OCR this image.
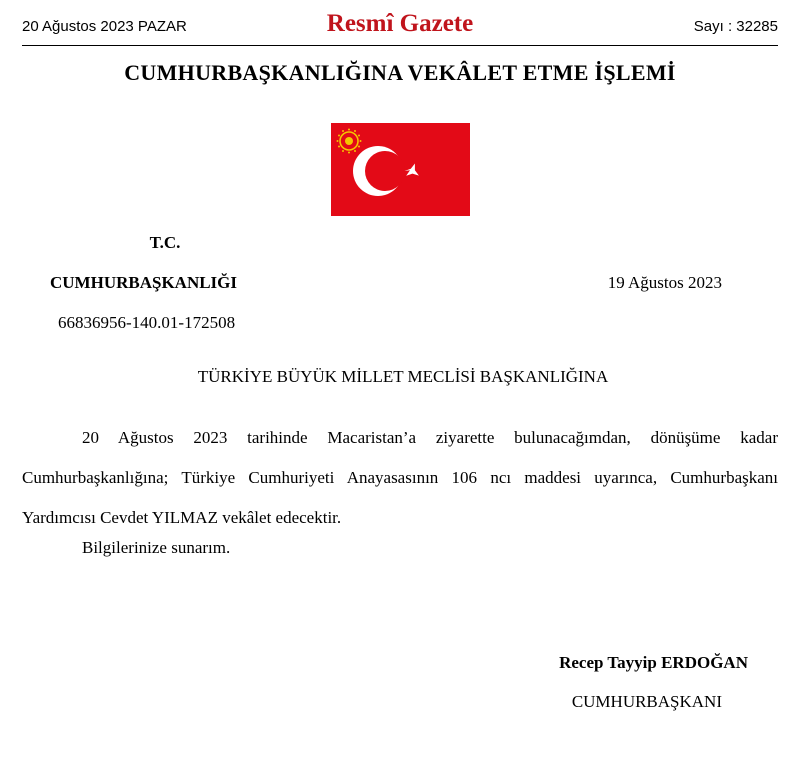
20 Ağustos 2023 PAZAR	Resmî Gazete	Sayı : 32285
CUMHURBAŞKANLIĞINA VEKÂLET ETME İŞLEMİ
T.C.
CUMHURBAŞKANLIĞI
66836956-140.01-172508
19 Ağustos 2023
TÜRKİYE BÜYÜK MİLLET MECLİSİ BAŞKANLIĞINA

20 Ağustos 2023 tarihinde Macaristan’a ziyarette bulunacağımdan, dönüşüme kadar Cumhurbaşkanlığına; Türkiye Cumhuriyeti Anayasasının 106 ncı maddesi uyarınca, Cumhurbaşkanı Yardımcısı Cevdet YILMAZ vekâlet edecektir.

Bilgilerinize sunarım.
Recep Tayyip ERDOĞAN
CUMHURBAŞKANI
